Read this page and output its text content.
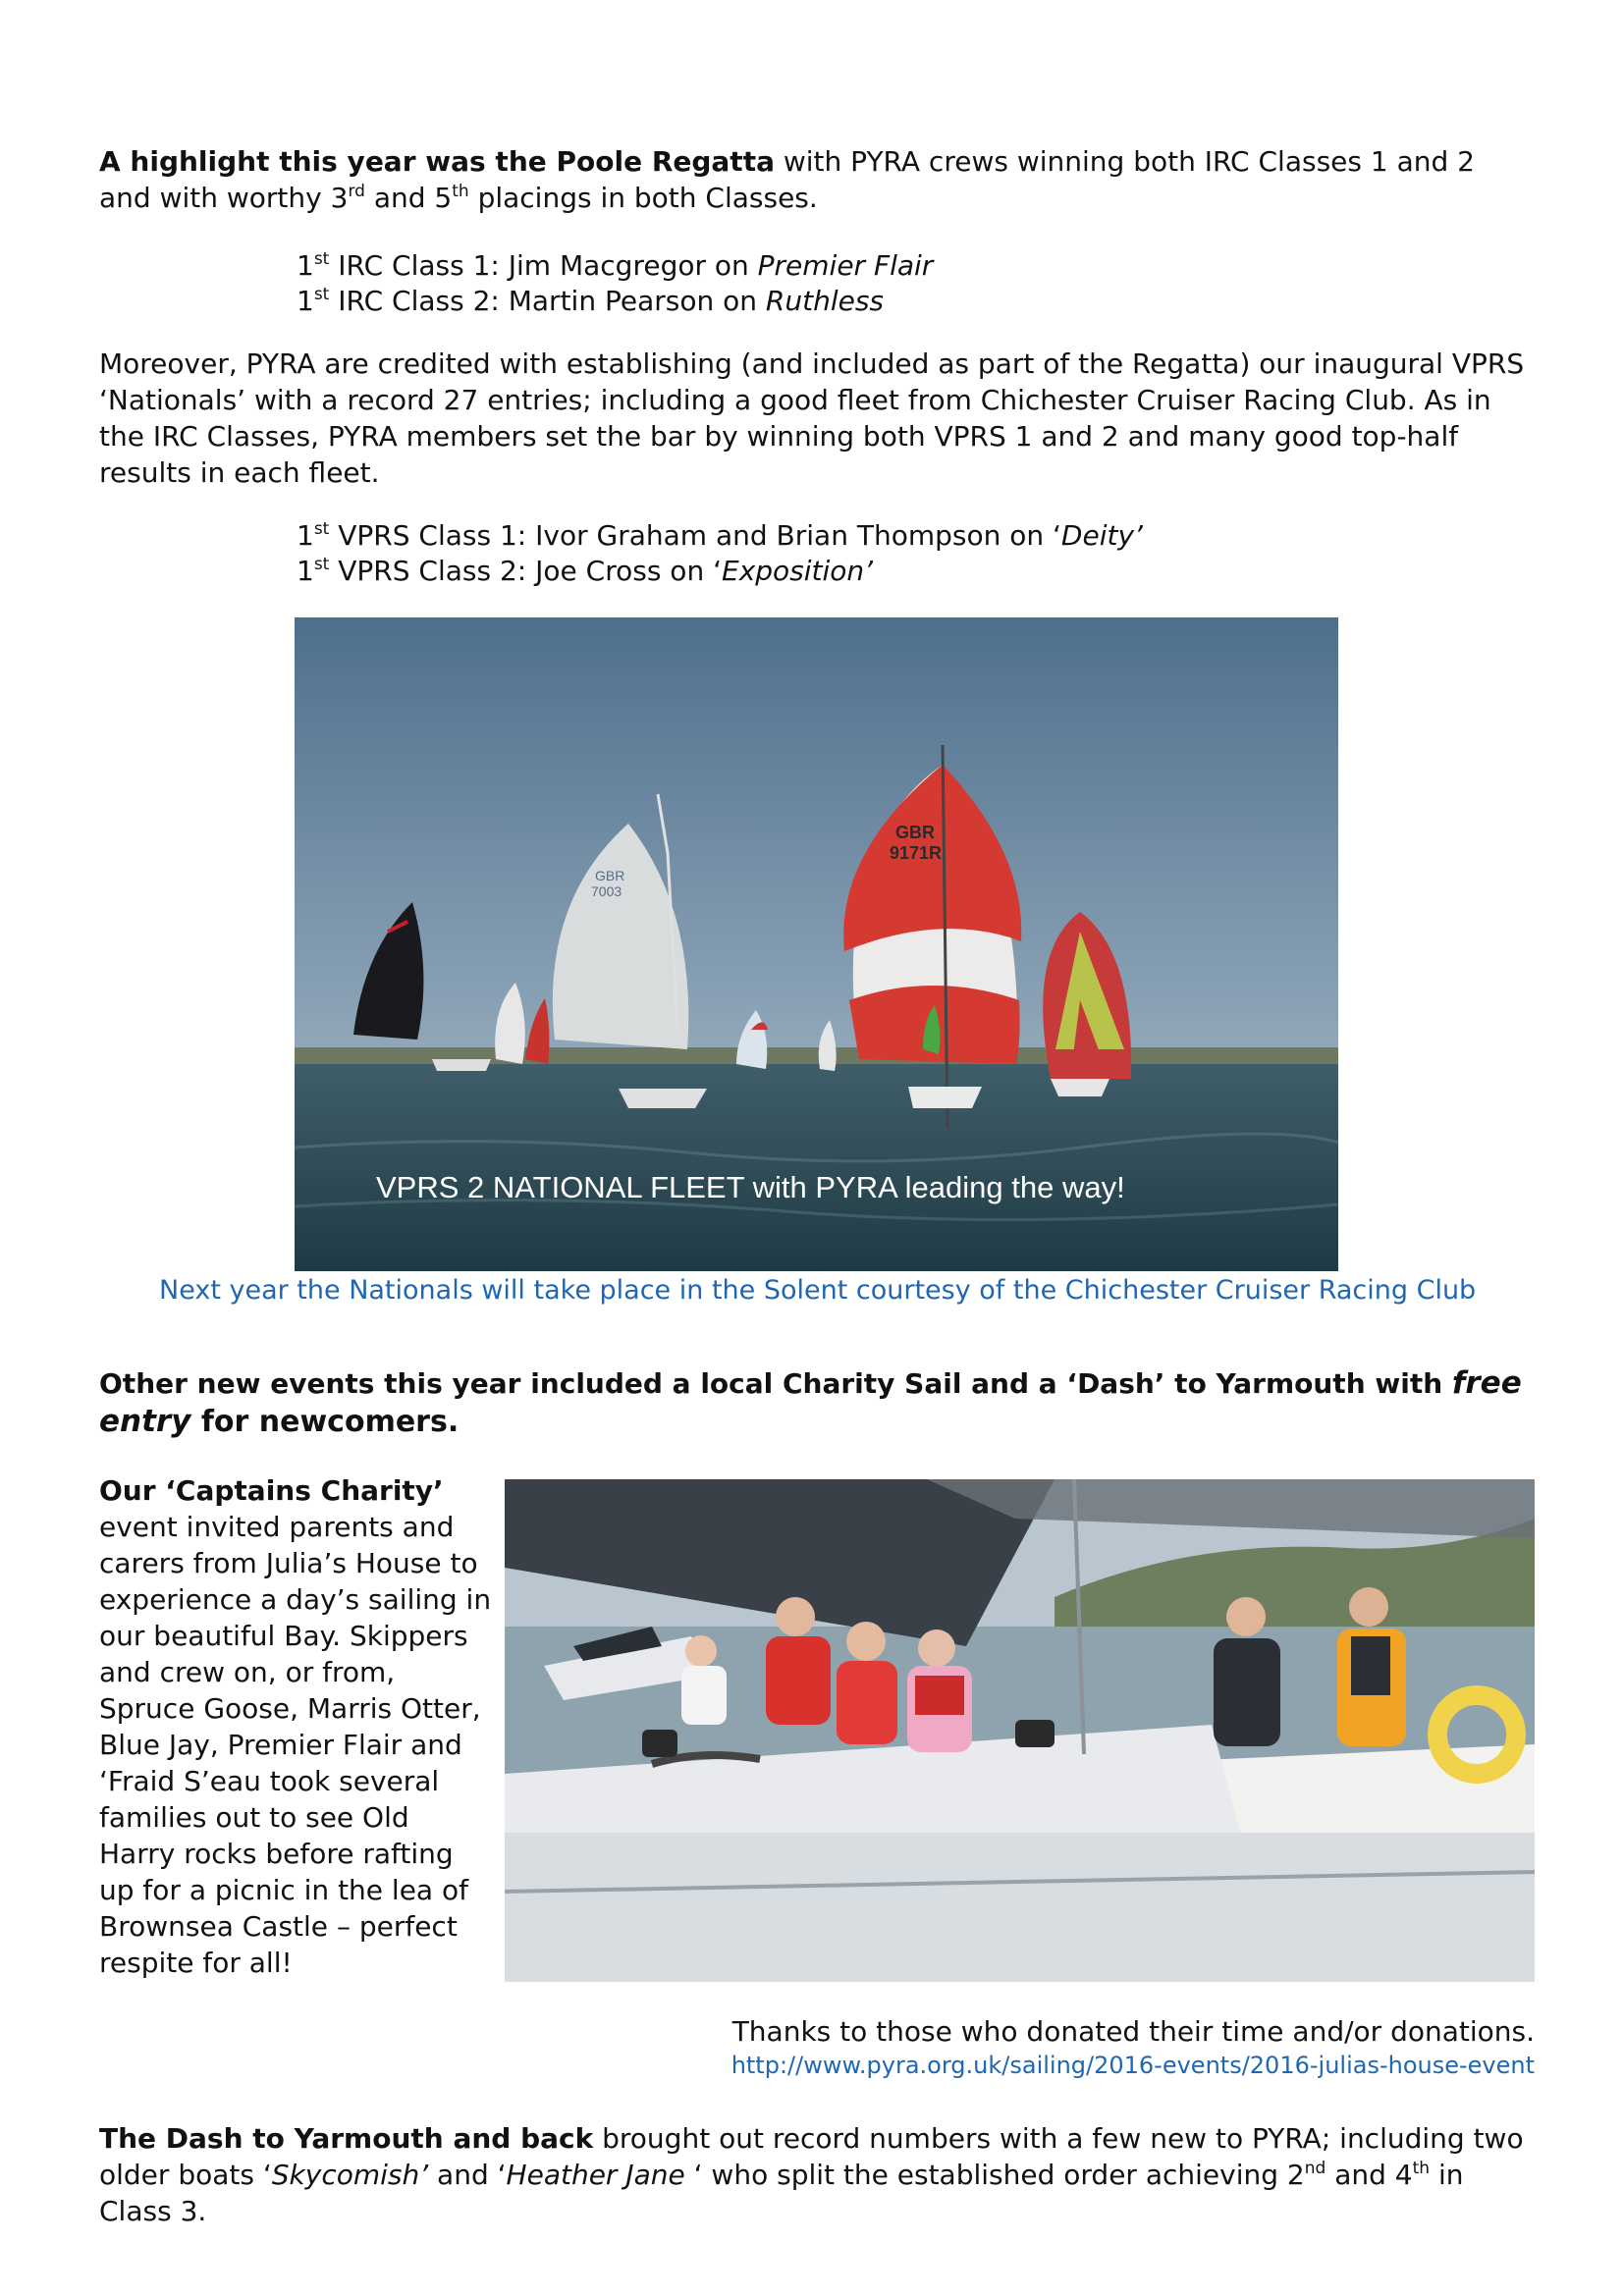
A highlight this year was the Poole Regatta with PYRA crews winning both IRC Classes 1 and 2 and with worthy 3rd and 5th placings in both Classes.

1st IRC Class 1: Jim Macgregor on Premier Flair
1st IRC Class 2: Martin Pearson on Ruthless

Moreover, PYRA are credited with establishing (and included as part of the Regatta) our inaugural VPRS ‘Nationals’ with a record 27 entries; including a good fleet from Chichester Cruiser Racing Club. As in the IRC Classes, PYRA members set the bar by winning both VPRS 1 and 2 and many good top-half results in each fleet.

1st VPRS Class 1: Ivor Graham and Brian Thompson on ‘Deity’
1st VPRS Class 2: Joe Cross on ‘Exposition’
GBR
7003
GBR
9171R
VPRS 2 NATIONAL FLEET with PYRA leading the way!
Next year the Nationals will take place in the Solent courtesy of the Chichester Cruiser Racing Club

Other new events this year included a local Charity Sail and a ‘Dash’ to Yarmouth with free entry for newcomers.

Our ‘Captains Charity’
event invited parents and carers from Julia’s House to experience a day’s sailing in our beautiful Bay. Skippers and crew on, or from, Spruce Goose, Marris Otter, Blue Jay, Premier Flair and ‘Fraid S’eau took several families out to see Old Harry rocks before rafting up for a picnic in the lea of Brownsea Castle – perfect respite for all!
Thanks to those who donated their time and/or donations.
http://www.pyra.org.uk/sailing/2016-events/2016-julias-house-event

The Dash to Yarmouth and back brought out record numbers with a few new to PYRA; including two older boats ‘Skycomish’ and ‘Heather Jane ‘ who split the established order achieving 2nd and 4th in Class 3.
